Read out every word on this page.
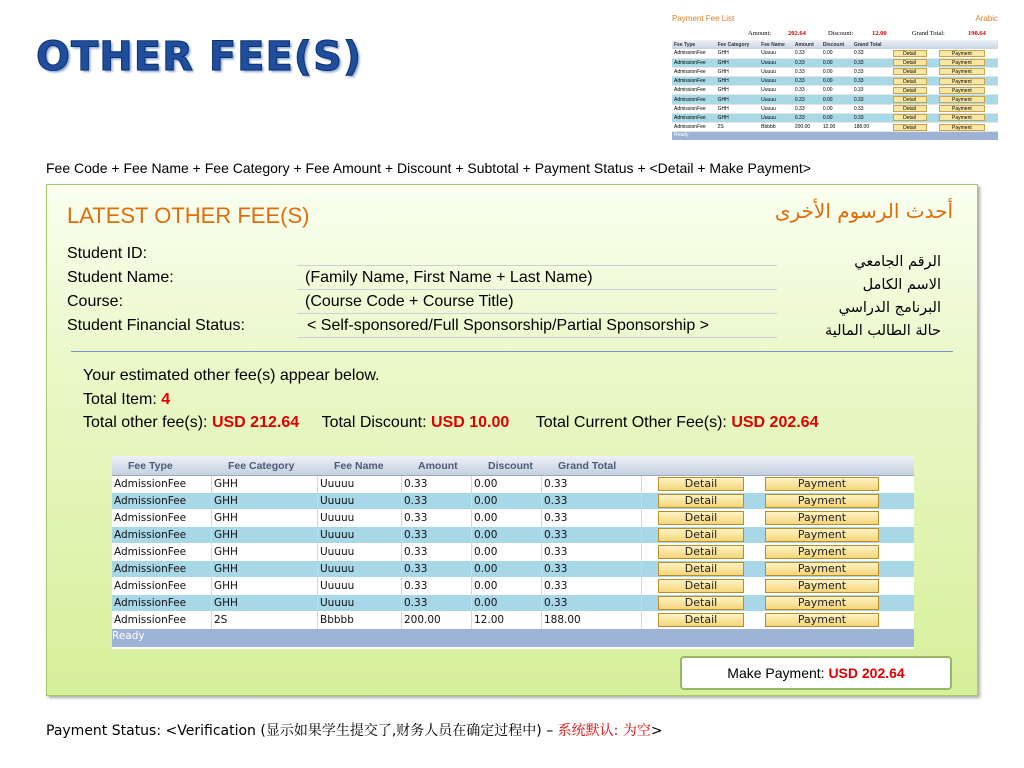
OTHER FEE(S)
Payment Fee List	Arabic
Amount:	202.64	Discount:	12.00	Grand Total:	190.64
Fee Type	Fee Category	Fee Name	Amount	Discount	Grand Total		
AdmissionFee	GHH	Uuuuu	0.33	0.00	0.33	Detail	Payment
AdmissionFee	GHH	Uuuuu	0.33	0.00	0.33	Detail	Payment
AdmissionFee	GHH	Uuuuu	0.33	0.00	0.33	Detail	Payment
AdmissionFee	GHH	Uuuuu	0.33	0.00	0.33	Detail	Payment
AdmissionFee	GHH	Uuuuu	0.33	0.00	0.33	Detail	Payment
AdmissionFee	GHH	Uuuuu	0.33	0.00	0.33	Detail	Payment
AdmissionFee	GHH	Uuuuu	0.33	0.00	0.33	Detail	Payment
AdmissionFee	GHH	Uuuuu	0.33	0.00	0.33	Detail	Payment
AdmissionFee	2S	Bbbbb	200.00	12.00	188.00	Detail	Payment
Ready
Fee Code + Fee Name + Fee Category + Fee Amount + Discount + Subtotal + Payment Status + <Detail + Make Payment>
LATEST OTHER FEE(S)	أحدث الرسوم الأخرى
Student ID:
Student Name:	(Family Name, First Name + Last Name)
Course:	(Course Code + Course Title)
Student Financial Status:	< Self-sponsored/Full Sponsorship/Partial Sponsorship >
الرقم الجامعي
الاسم الكامل
البرنامج الدراسي
حالة الطالب المالية
Your estimated other fee(s) appear below.
Total Item: 4
Total other fee(s): USD 212.64 Total Discount: USD 10.00 Total Current Other Fee(s): USD 202.64
Fee Type	Fee Category	Fee Name	Amount	Discount	Grand Total
AdmissionFee	GHH	Uuuuu	0.33	0.00	0.33	Detail	Payment
AdmissionFee	GHH	Uuuuu	0.33	0.00	0.33	Detail	Payment
AdmissionFee	GHH	Uuuuu	0.33	0.00	0.33	Detail	Payment
AdmissionFee	GHH	Uuuuu	0.33	0.00	0.33	Detail	Payment
AdmissionFee	GHH	Uuuuu	0.33	0.00	0.33	Detail	Payment
AdmissionFee	GHH	Uuuuu	0.33	0.00	0.33	Detail	Payment
AdmissionFee	GHH	Uuuuu	0.33	0.00	0.33	Detail	Payment
AdmissionFee	GHH	Uuuuu	0.33	0.00	0.33	Detail	Payment
AdmissionFee	2S	Bbbbb	200.00	12.00	188.00	Detail	Payment
Ready
Make Payment: USD 202.64
Payment Status: <Verification (显示如果学生提交了,财务人员在确定过程中) – 系统默认: 为空>
